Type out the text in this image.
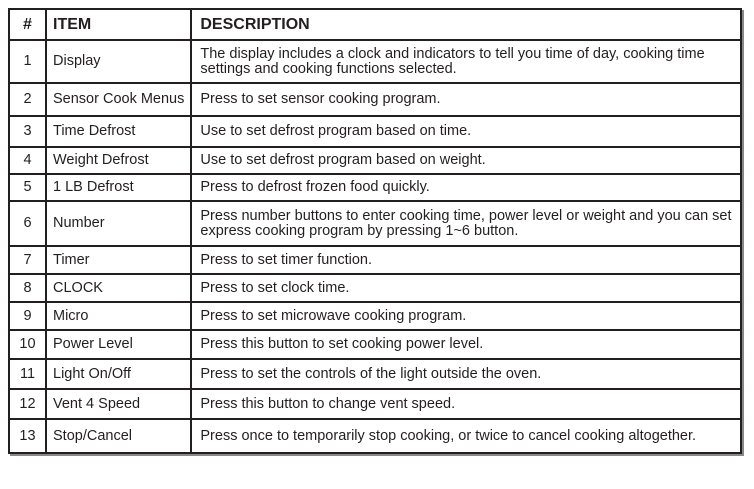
#	ITEM	DESCRIPTION
1	Display	The display includes a clock and indicators to tell you time of day, cooking time settings and cooking functions selected.
2	Sensor Cook Menus	Press to set sensor cooking program.
3	Time Defrost	Use to set defrost program based on time.
4	Weight Defrost	Use to set defrost program based on weight.
5	1 LB Defrost	Press to defrost frozen food quickly.
6	Number	Press number buttons to enter cooking time, power level or weight and you can set express cooking program by pressing 1~6 button.
7	Timer	Press to set timer function.
8	CLOCK	Press to set clock time.
9	Micro	Press to set microwave cooking program.
10	Power Level	Press this button to set cooking power level.
11	Light On/Off	Press to set the controls of the light outside the oven.
12	Vent 4 Speed	Press this button to change vent speed.
13	Stop/Cancel	Press once to temporarily stop cooking, or twice to cancel cooking altogether.
